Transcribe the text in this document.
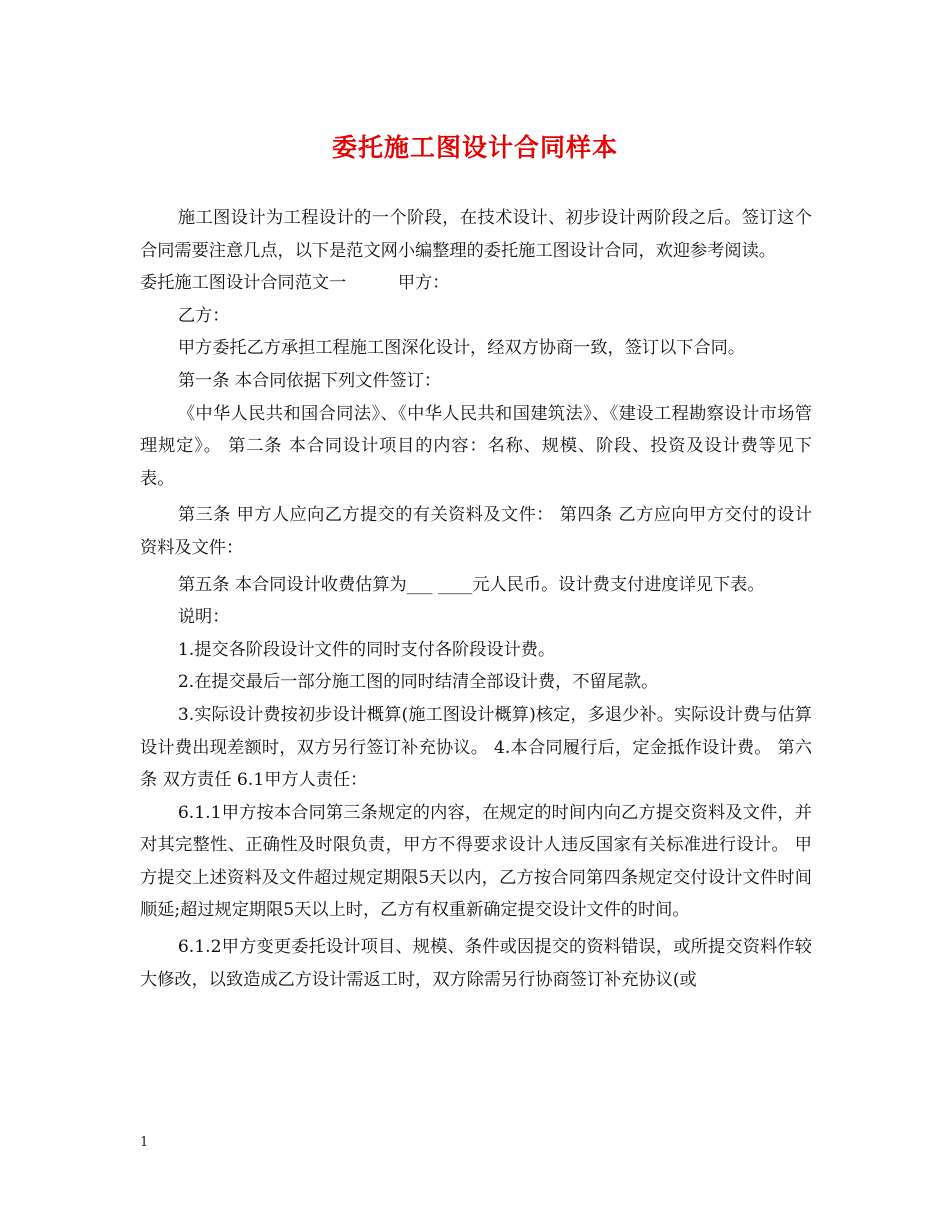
委托施工图设计合同样本

施工图设计为工程设计的一个阶段，在技术设计、初步设计两阶段之后。签订这个合同需要注意几点，以下是范文网小编整理的委托施工图设计合同，欢迎参考阅读。

委托施工图设计合同范文一　　　甲方：

乙方：

甲方委托乙方承担工程施工图深化设计，经双方协商一致，签订以下合同。

第一条 本合同依据下列文件签订：

《中华人民共和国合同法》、《中华人民共和国建筑法》、《建设工程勘察设计市场管理规定》。 第二条 本合同设计项目的内容：名称、规模、阶段、投资及设计费等见下表。

第三条 甲方人应向乙方提交的有关资料及文件： 第四条 乙方应向甲方交付的设计资料及文件：

第五条 本合同设计收费估算为___ ____元人民币。设计费支付进度详见下表。

说明：

1.提交各阶段设计文件的同时支付各阶段设计费。

2.在提交最后一部分施工图的同时结清全部设计费，不留尾款。

3.实际设计费按初步设计概算(施工图设计概算)核定，多退少补。实际设计费与估算设计费出现差额时，双方另行签订补充协议。 4.本合同履行后，定金抵作设计费。 第六条 双方责任 6.1甲方人责任：

6.1.1甲方按本合同第三条规定的内容，在规定的时间内向乙方提交资料及文件，并对其完整性、正确性及时限负责，甲方不得要求设计人违反国家有关标准进行设计。 甲方提交上述资料及文件超过规定期限5天以内，乙方按合同第四条规定交付设计文件时间顺延;超过规定期限5天以上时，乙方有权重新确定提交设计文件的时间。

6.1.2甲方变更委托设计项目、规模、条件或因提交的资料错误，或所提交资料作较大修改，以致造成乙方设计需返工时，双方除需另行协商签订补充协议(或

1
